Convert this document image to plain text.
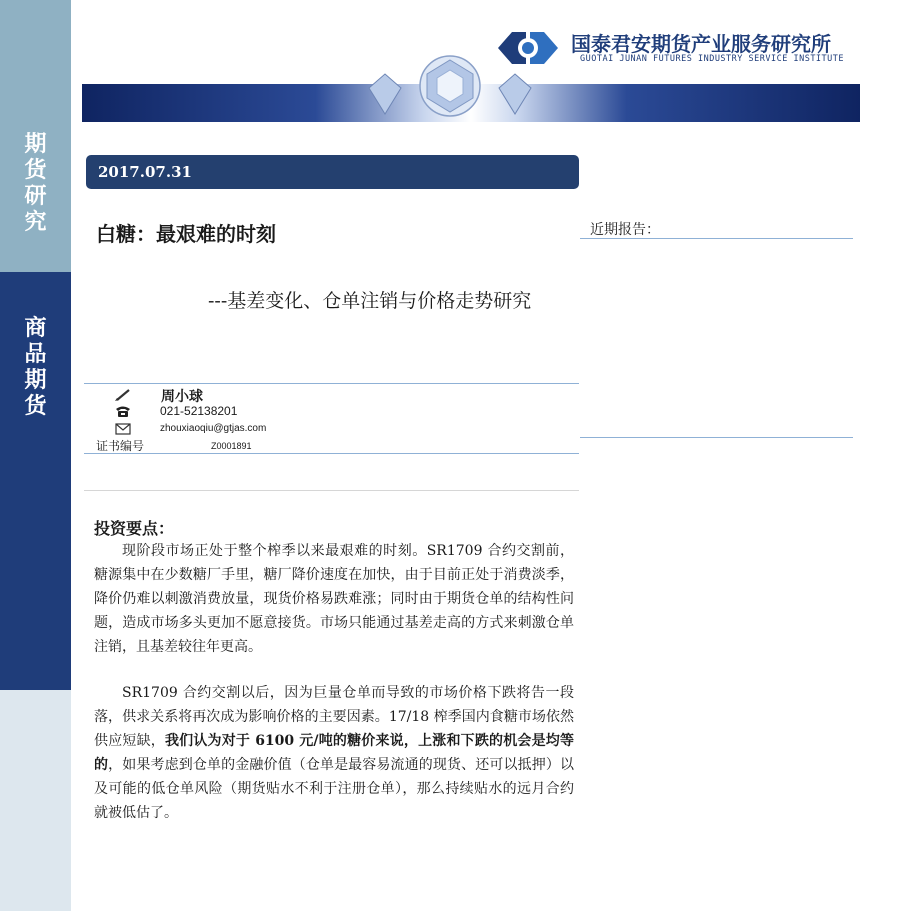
期
货
研
究
商
品
期
货
国泰君安期货产业服务研究所
GUOTAI JUNAN FUTURES INDUSTRY SERVICE INSTITUTE
2017.07.31
白糖：最艰难的时刻
---基差变化、仓单注销与价格走势研究
近期报告：
周小球
021-52138201
zhouxiaoqiu@gtjas.com
证书编号	Z0001891
投资要点：

现阶段市场正处于整个榨季以来最艰难的时刻。SR1709 合约交割前，糖源集中在少数糖厂手里，糖厂降价速度在加快，由于目前正处于消费淡季，降价仍难以刺激消费放量，现货价格易跌难涨；同时由于期货仓单的结构性问题，造成市场多头更加不愿意接货。市场只能通过基差走高的方式来刺激仓单注销，且基差较往年更高。

SR1709 合约交割以后，因为巨量仓单而导致的市场价格下跌将告一段落，供求关系将再次成为影响价格的主要因素。17/18 榨季国内食糖市场依然供应短缺，我们认为对于 6100 元/吨的糖价来说，上涨和下跌的机会是均等的，如果考虑到仓单的金融价值（仓单是最容易流通的现货、还可以抵押）以及可能的低仓单风险（期货贴水不利于注册仓单），那么持续贴水的远月合约就被低估了。
